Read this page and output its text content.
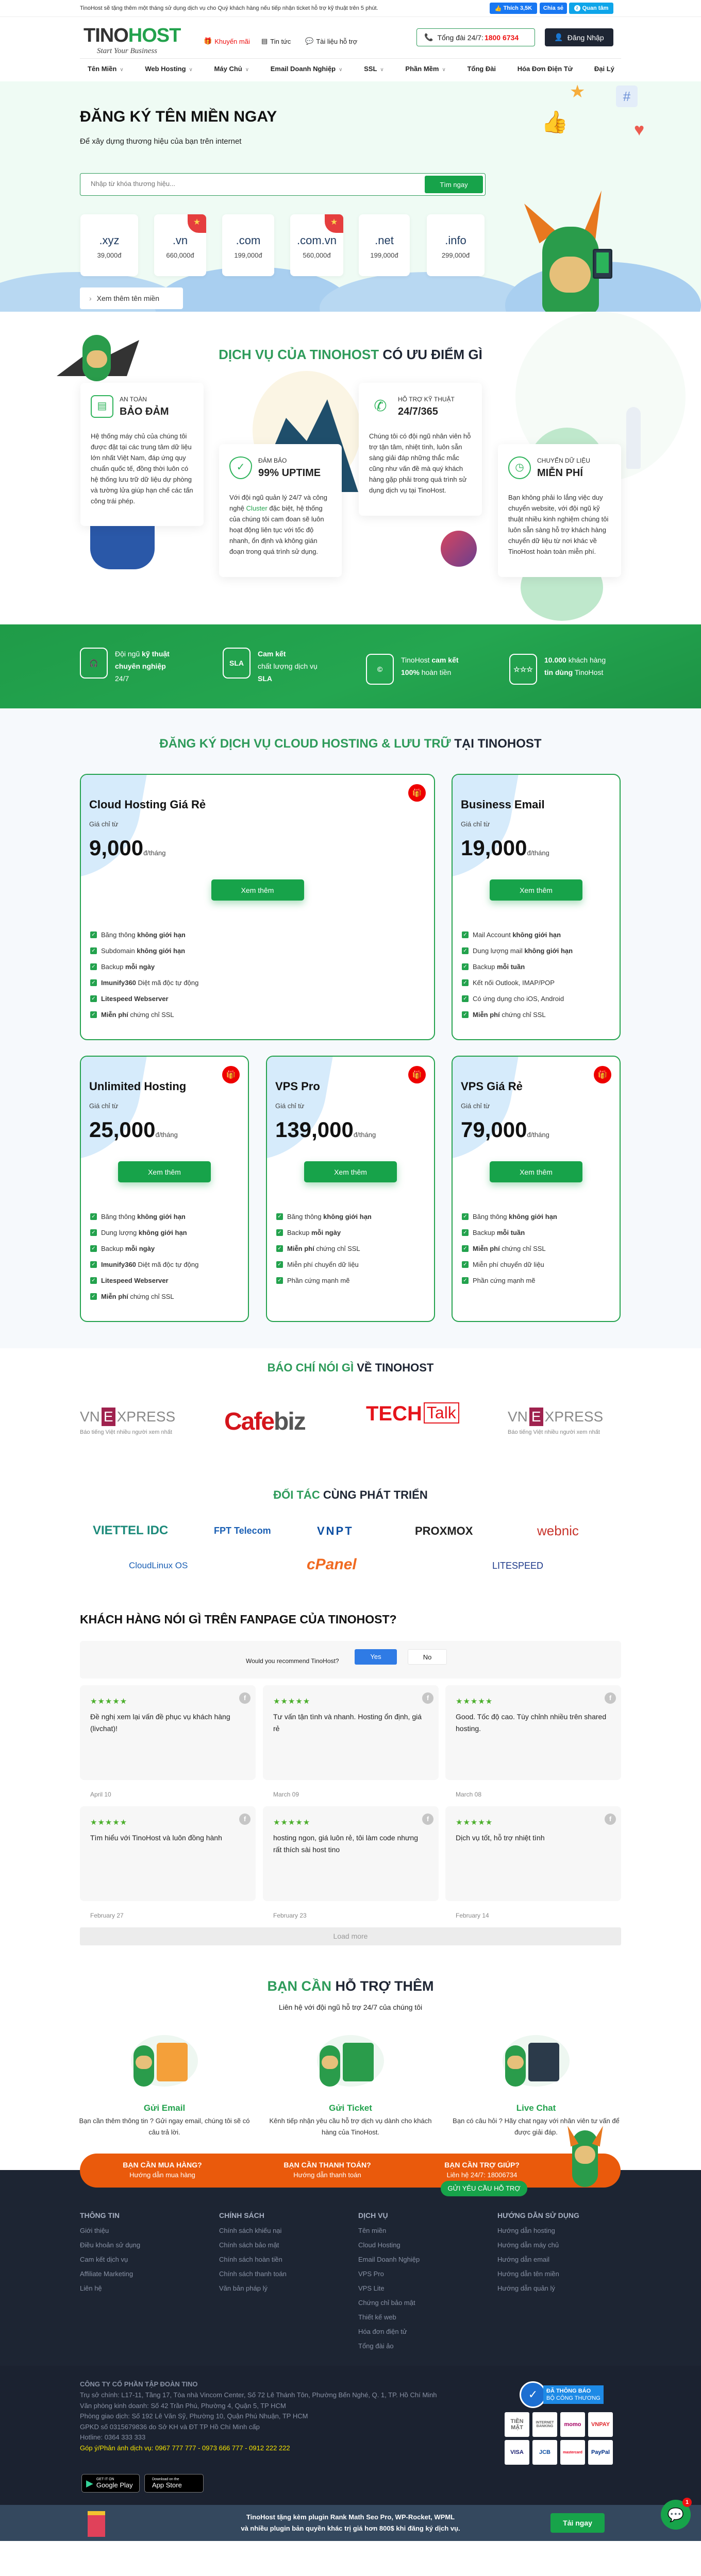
TinoHost sẽ tặng thêm một tháng sử dụng dịch vụ cho Quý khách hàng nếu tiếp nhận ticket hỗ trợ kỹ thuật trên 5 phút.	👍 Thích 3,5K	Chia sẻ	Z Quan tâm
TINOHOST
Start Your Business
🎁 Khuyến mãi ▤ Tin tức 💬 Tài liệu hỗ trợ	📞 Tổng đài 24/7: 1800 6734	👤 Đăng Nhập
Tên Miền ∨	Web Hosting ∨	Máy Chủ ∨	Email Doanh Nghiệp ∨	SSL ∨	Phần Mềm ∨	Tổng Đài	Hóa Đơn Điện Tử	Đại Lý
★	#
👍	♥
ĐĂNG KÝ TÊN MIỀN NGAY
Để xây dựng thương hiệu của bạn trên internet
Nhập từ khóa thương hiệu...
Tìm ngay
.xyz
39,000đ
★
.vn
660,000đ
.com
199,000đ
★
.com.vn
560,000đ
.net
199,000đ
.info
299,000đ
› Xem thêm tên miền
DỊCH VỤ CỦA TINOHOST CÓ ƯU ĐIỂM GÌ
▤
AN TOÀN
BẢO ĐẢM
Hệ thống máy chủ của chúng tôi được đặt tại các trung tâm dữ liệu lớn nhất Việt Nam, đáp ứng quy chuẩn quốc tế, đồng thời luôn có hệ thống lưu trữ dữ liệu dự phòng và tường lửa giúp hạn chế các tấn công trái phép.
✓
ĐẢM BẢO
99% UPTIME
Với đội ngũ quản lý 24/7 và công nghệ Cluster đặc biệt, hệ thống của chúng tôi cam đoan sẽ luôn hoạt động liên tục với tốc độ nhanh, ổn định và không gián đoạn trong quá trình sử dụng.
✆	HỖ TRỢ KỸ THUẬT
24/7/365
Chúng tôi có đội ngũ nhân viên hỗ trợ tận tâm, nhiệt tình, luôn sẵn sàng giải đáp những thắc mắc cũng như vấn đề mà quý khách hàng gặp phải trong quá trình sử dụng dịch vụ tại TinoHost.
◷
CHUYỂN DỮ LIỆU
MIỄN PHÍ
Bạn không phải lo lắng việc duy chuyển website, với đội ngũ kỹ thuật nhiều kinh nghiệm chúng tôi luôn sẵn sàng hỗ trợ khách hàng chuyển dữ liệu từ nơi khác về TinoHost hoàn toàn miễn phí.
🎧
Đội ngũ kỹ thuật
chuyên nghiệp
24/7
SLA
Cam kết
chất lượng dịch vụ
SLA
©
TinoHost cam kết
100% hoàn tiền	☆☆☆
10.000 khách hàng
tin dùng TinoHost
ĐĂNG KÝ DỊCH VỤ CLOUD HOSTING & LƯU TRỮ TẠI TINOHOST
Cloud Hosting Giá Rẻ
Giá chỉ từ
9,000đ/tháng
🎁
Xem thêm
✓ Băng thông không giới hạn
✓ Subdomain không giới hạn
✓ Backup mỗi ngày
✓ Imunify360 Diệt mã độc tự động
✓ Litespeed Webserver
✓ Miễn phí chứng chỉ SSL
Business Email
Giá chỉ từ
19,000đ/tháng
Xem thêm
✓ Mail Account không giới hạn
✓ Dung lượng mail không giới hạn
✓ Backup mỗi tuần
✓ Kết nối Outlook, IMAP/POP
✓ Có ứng dụng cho iOS, Android
✓ Miễn phí chứng chỉ SSL
Unlimited Hosting
Giá chỉ từ
25,000đ/tháng
🎁
Xem thêm
✓ Băng thông không giới hạn
✓ Dung lượng không giới hạn
✓ Backup mỗi ngày
✓ Imunify360 Diệt mã độc tự động
✓ Litespeed Webserver
✓ Miễn phí chứng chỉ SSL
VPS Pro
Giá chỉ từ
139,000đ/tháng
🎁
Xem thêm
✓ Băng thông không giới hạn
✓ Backup mỗi ngày
✓ Miễn phí chứng chỉ SSL
✓ Miễn phí chuyển dữ liệu
✓ Phần cứng mạnh mẽ
VPS Giá Rẻ
Giá chỉ từ
79,000đ/tháng
🎁
Xem thêm
✓ Băng thông không giới hạn
✓ Backup mỗi tuần
✓ Miễn phí chứng chỉ SSL
✓ Miễn phí chuyển dữ liệu
✓ Phần cứng mạnh mẽ
BÁO CHÍ NÓI GÌ VỀ TINOHOST
VN E XPRESS
Báo tiếng Việt nhiều người xem nhất	Cafebiz	TECH Talk	VN E XPRESS
Báo tiếng Việt nhiều người xem nhất
ĐỐI TÁC CÙNG PHÁT TRIỂN
VIETTEL IDC	FPT Telecom	VNPT	PROXMOX	webnic
CloudLinux OS	cPanel	LITESPEED
KHÁCH HÀNG NÓI GÌ TRÊN FANPAGE CỦA TINOHOST?
Would you recommend TinoHost?
Yes	No
f
★★★★★
Đề nghị xem lại vấn đề phục vụ khách hàng (livchat)!
April 10
f
★★★★★
Tư vấn tận tình và nhanh. Hosting ổn định, giá rẻ
March 09
f
★★★★★
Good. Tốc độ cao. Tùy chỉnh nhiều trên shared hosting.
March 08
f
★★★★★
Tìm hiểu với TinoHost và luôn đồng hành
February 27
f
★★★★★
hosting ngon, giá luôn rẻ, tôi làm code nhưng rất thích sài host tino
February 23
f
★★★★★
Dịch vụ tốt, hỗ trợ nhiệt tình
February 14
Load more
BẠN CẦN HỖ TRỢ THÊM
Liên hệ với đội ngũ hỗ trợ 24/7 của chúng tôi
Gửi Email
Bạn cần thêm thông tin ? Gửi ngay email, chúng tôi sẽ có câu trả lời.
Gửi Ticket
Kênh tiếp nhận yêu cầu hỗ trợ dịch vụ dành cho khách hàng của TinoHost.
Live Chat
Bạn có câu hỏi ? Hãy chat ngay với nhân viên tư vấn để được giải đáp.
THÔNG TIN
Giới thiệu
Điều khoản sử dụng
Cam kết dịch vụ
Affiliate Marketing
Liên hệ
CHÍNH SÁCH
Chính sách khiếu nại
Chính sách bảo mật
Chính sách hoàn tiền
Chính sách thanh toán
Văn bản pháp lý
DỊCH VỤ
Tên miền
Cloud Hosting
Email Doanh Nghiệp
VPS Pro
VPS Lite
Chứng chỉ bảo mật
Thiết kế web
Hóa đơn điện tử
Tổng đài ảo
HƯỚNG DẪN SỬ DỤNG
Hướng dẫn hosting
Hướng dẫn máy chủ
Hướng dẫn email
Hướng dẫn tên miền
Hướng dẫn quản lý
CÔNG TY CỔ PHẦN TẬP ĐOÀN TINO
Trụ sở chính: L17-11, Tầng 17, Tòa nhà Vincom Center, Số 72 Lê Thánh Tôn, Phường Bến Nghé, Q. 1, TP. Hồ Chí Minh
Văn phòng kinh doanh: Số 42 Trần Phú, Phường 4, Quận 5, TP HCM
Phòng giao dịch: Số 192 Lê Văn Sỹ, Phường 10, Quận Phú Nhuận, TP HCM
GPKD số 0315679836 do Sở KH và ĐT TP Hồ Chí Minh cấp
Hotline: 0364 333 333
Góp ý/Phản ánh dịch vụ: 0967 777 777 - 0973 666 777 - 0912 222 222
✓	ĐÃ THÔNG BÁO
BỘ CÔNG THƯƠNG
TIỀN MẶT
INTERNET BANKING	momo	VNPAY
VISA	JCB	mastercard	PayPal
▶ GET IT ON
Google Play
Download on the
App Store
BẠN CẦN MUA HÀNG?
Hướng dẫn mua hàng
BẠN CẦN THANH TOÁN?
Hướng dẫn thanh toán
BẠN CẦN TRỢ GIÚP?
Liên hệ 24/7: 18006734
GỬI YÊU CẦU HỖ TRỢ
TinoHost tặng kèm plugin Rank Math Seo Pro, WP-Rocket, WPML
và nhiều plugin bản quyền khác trị giá hơn 800$ khi đăng ký dịch vụ.
Tải ngay
💬
1
